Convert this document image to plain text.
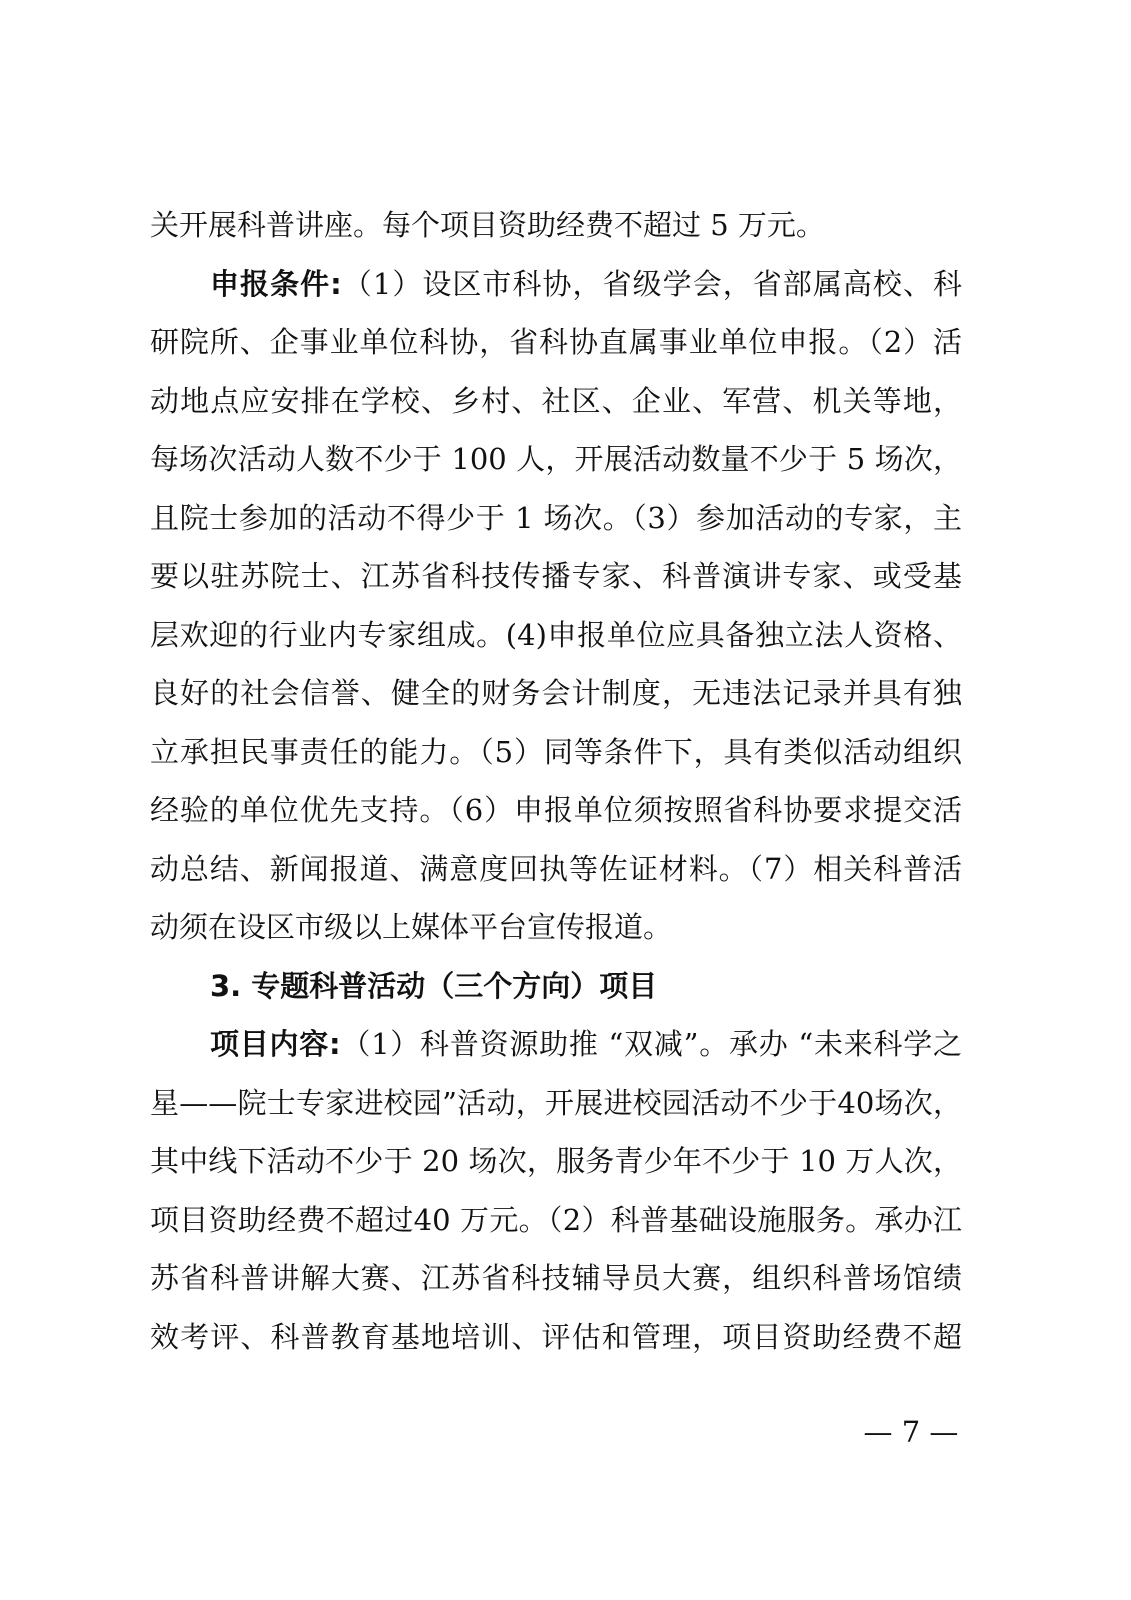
关开展科普讲座。每个项目资助经费不超过 5 万元。
申报条件:（1）设区市科协，省级学会，省部属高校、科
研院所、企事业单位科协，省科协直属事业单位申报。（2）活
动地点应安排在学校、乡村、社区、企业、军营、机关等地，
每场次活动人数不少于 100 人，开展活动数量不少于 5 场次，
且院士参加的活动不得少于 1 场次。（3）参加活动的专家，主
要以驻苏院士、江苏省科技传播专家、科普演讲专家、或受基
层欢迎的行业内专家组成。(4)申报单位应具备独立法人资格、
良好的社会信誉、健全的财务会计制度，无违法记录并具有独
立承担民事责任的能力。（5）同等条件下，具有类似活动组织
经验的单位优先支持。（6）申报单位须按照省科协要求提交活
动总结、新闻报道、满意度回执等佐证材料。（7）相关科普活
动须在设区市级以上媒体平台宣传报道。
3. 专题科普活动（三个方向）项目
项目内容:（1）科普资源助推 “双减”。承办 “未来科学之
星——院士专家进校园”活动，开展进校园活动不少于40场次，
其中线下活动不少于 20 场次，服务青少年不少于 10 万人次，
项目资助经费不超过40 万元。（2）科普基础设施服务。承办江
苏省科普讲解大赛、江苏省科技辅导员大赛，组织科普场馆绩
效考评、科普教育基地培训、评估和管理，项目资助经费不超
— 7 —
